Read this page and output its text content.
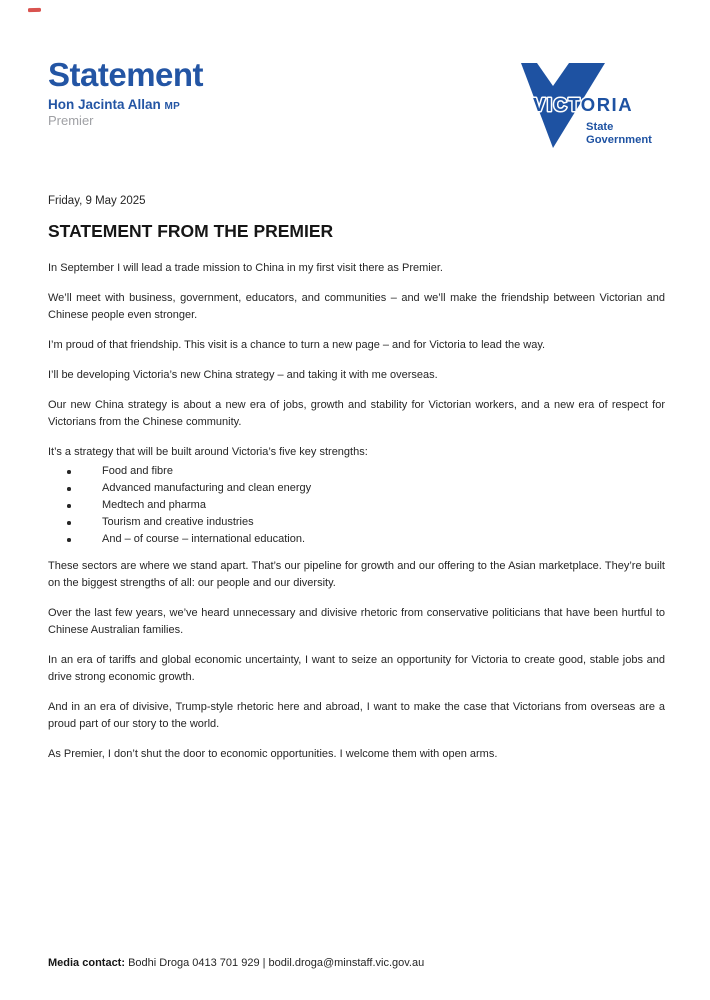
Statement
Hon Jacinta Allan MP
Premier
VICTORIA
State
Government
Friday, 9 May 2025
STATEMENT FROM THE PREMIER

In September I will lead a trade mission to China in my first visit there as Premier.

We’ll meet with business, government, educators, and communities – and we’ll make the friendship between Victorian and Chinese people even stronger.

I’m proud of that friendship. This visit is a chance to turn a new page – and for Victoria to lead the way.

I’ll be developing Victoria’s new China strategy – and taking it with me overseas.

Our new China strategy is about a new era of jobs, growth and stability for Victorian workers, and a new era of respect for Victorians from the Chinese community.

It’s a strategy that will be built around Victoria’s five key strengths:

Food and fibre
Advanced manufacturing and clean energy
Medtech and pharma
Tourism and creative industries
And – of course – international education.

These sectors are where we stand apart. That’s our pipeline for growth and our offering to the Asian marketplace. They’re built on the biggest strengths of all: our people and our diversity.

Over the last few years, we’ve heard unnecessary and divisive rhetoric from conservative politicians that have been hurtful to Chinese Australian families.

In an era of tariffs and global economic uncertainty, I want to seize an opportunity for Victoria to create good, stable jobs and drive strong economic growth.

And in an era of divisive, Trump-style rhetoric here and abroad, I want to make the case that Victorians from overseas are a proud part of our story to the world.

As Premier, I don’t shut the door to economic opportunities. I welcome them with open arms.

Media contact: Bodhi Droga 0413 701 929 | bodil.droga@minstaff.vic.gov.au
